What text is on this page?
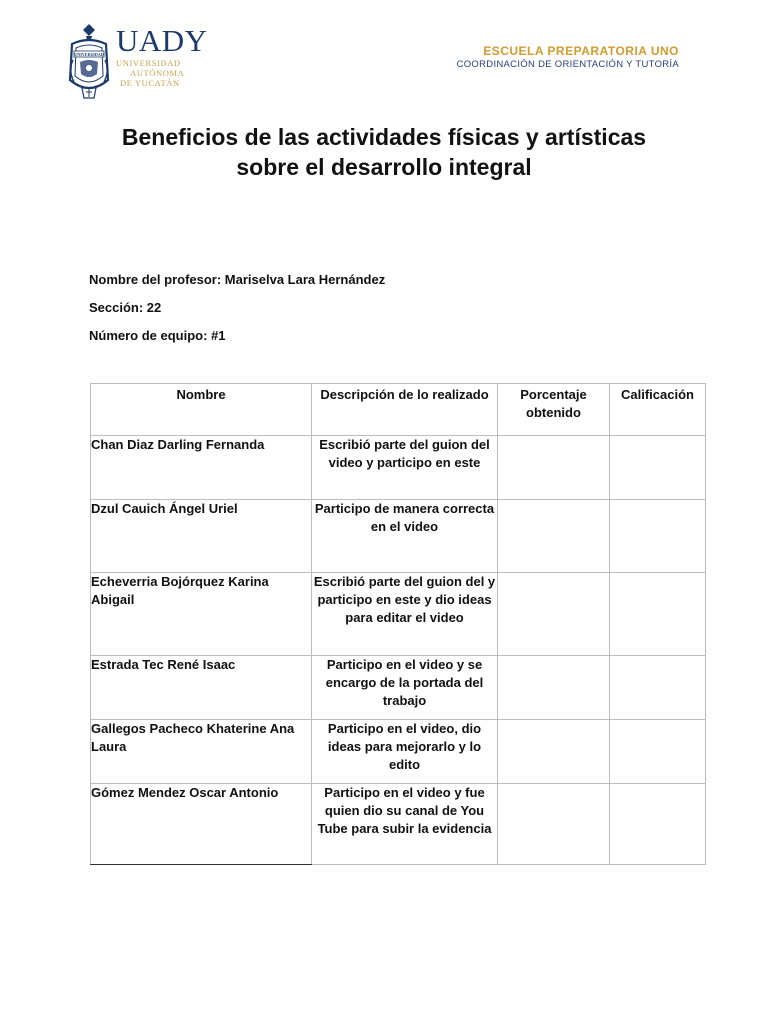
UNIVERSIDAD UADY
UNIVERSIDAD
AUTÓNOMA
DE YUCATÁN
ESCUELA PREPARATORIA UNO
COORDINACIÓN DE ORIENTACIÓN Y TUTORÍA
Beneficios de las actividades físicas y artísticas
sobre el desarrollo integral
Nombre del profesor: Mariselva Lara Hernández
Sección: 22
Número de equipo: #1
Nombre	Descripción de lo realizado	Porcentaje obtenido	Calificación
Chan Diaz Darling Fernanda	Escribió parte del guion del video y participo en este		
Dzul Cauich Ángel Uriel	Participo de manera correcta en el video		
Echeverria Bojórquez Karina Abigail	Escribió parte del guion del y participo en este y dio ideas para editar el video		
Estrada Tec René Isaac	Participo en el video y se encargo de la portada del trabajo		
Gallegos Pacheco Khaterine Ana Laura	Participo en el video, dio ideas para mejorarlo y lo edito		
Gómez Mendez Oscar Antonio	Participo en el video y fue quien dio su canal de You Tube para subir la evidencia		
